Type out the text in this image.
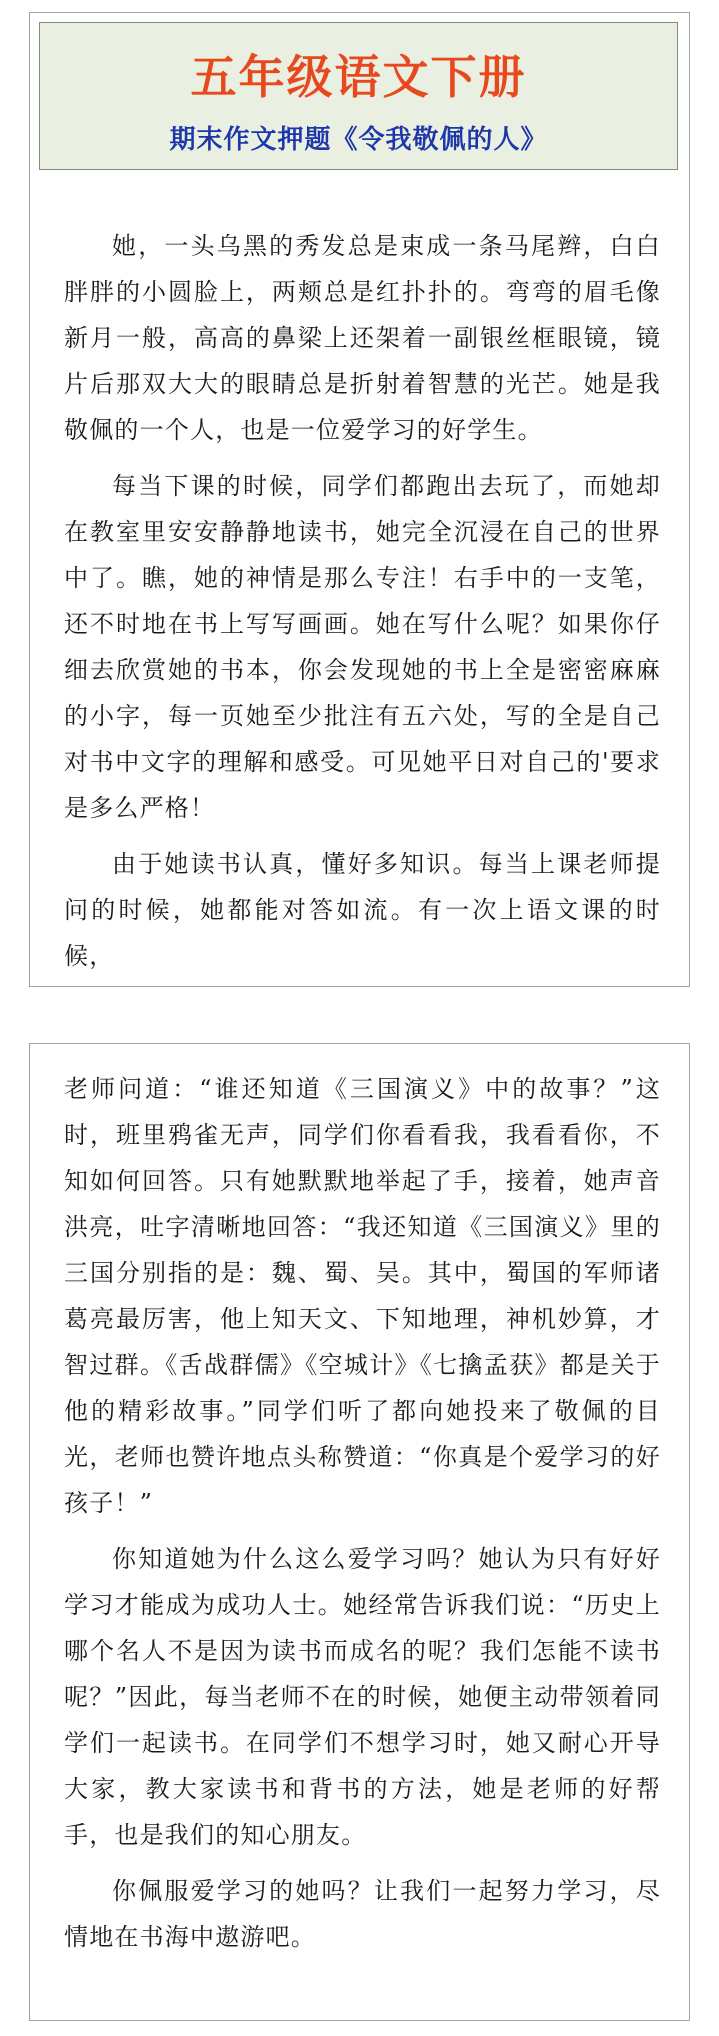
五年级语文下册
期末作文押题《令我敬佩的人》

她，一头乌黑的秀发总是束成一条马尾辫，白白胖胖的小圆脸上，两颊总是红扑扑的。弯弯的眉毛像新月一般，高高的鼻梁上还架着一副银丝框眼镜，镜片后那双大大的眼睛总是折射着智慧的光芒。她是我敬佩的一个人，也是一位爱学习的好学生。

每当下课的时候，同学们都跑出去玩了，而她却在教室里安安静静地读书，她完全沉浸在自己的世界中了。瞧，她的神情是那么专注！右手中的一支笔，还不时地在书上写写画画。她在写什么呢？如果你仔细去欣赏她的书本，你会发现她的书上全是密密麻麻的小字，每一页她至少批注有五六处，写的全是自己对书中文字的理解和感受。可见她平日对自己的'要求是多么严格！

由于她读书认真，懂好多知识。每当上课老师提问的时候，她都能对答如流。有一次上语文课的时候，

老师问道：“谁还知道《三国演义》中的故事？”这时，班里鸦雀无声，同学们你看看我，我看看你，不知如何回答。只有她默默地举起了手，接着，她声音洪亮，吐字清晰地回答：“我还知道《三国演义》里的三国分别指的是：魏、蜀、吴。其中，蜀国的军师诸葛亮最厉害，他上知天文、下知地理，神机妙算，才智过群。《舌战群儒》《空城计》《七擒孟获》都是关于他的精彩故事。”同学们听了都向她投来了敬佩的目光，老师也赞许地点头称赞道：“你真是个爱学习的好孩子！”

你知道她为什么这么爱学习吗？她认为只有好好学习才能成为成功人士。她经常告诉我们说：“历史上哪个名人不是因为读书而成名的呢？我们怎能不读书呢？”因此，每当老师不在的时候，她便主动带领着同学们一起读书。在同学们不想学习时，她又耐心开导大家，教大家读书和背书的方法，她是老师的好帮手，也是我们的知心朋友。

你佩服爱学习的她吗？让我们一起努力学习，尽情地在书海中遨游吧。
